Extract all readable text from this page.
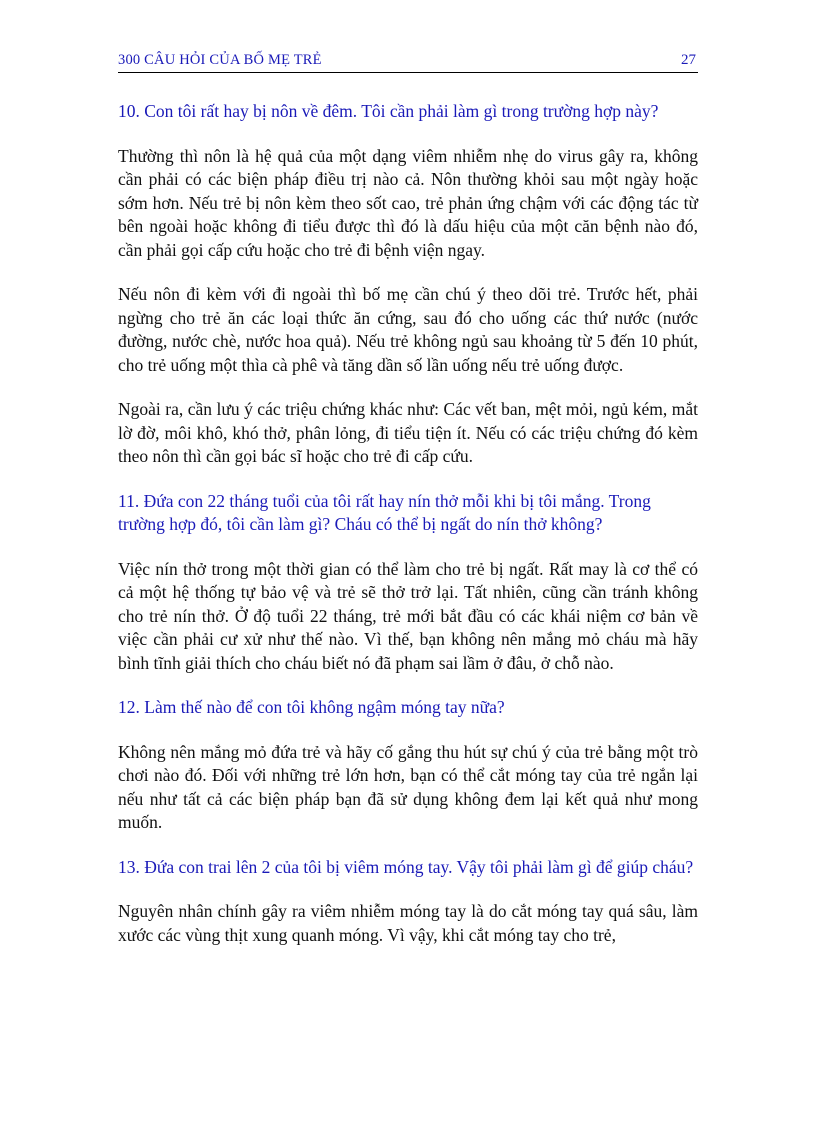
300 CÂU HỎI CỦA BỐ MẸ TRẺ	27

10. Con tôi rất hay bị nôn về đêm. Tôi cần phải làm gì trong trường hợp này?

Thường thì nôn là hệ quả của một dạng viêm nhiễm nhẹ do virus gây ra, không cần phải có các biện pháp điều trị nào cả. Nôn thường khỏi sau một ngày hoặc sớm hơn. Nếu trẻ bị nôn kèm theo sốt cao, trẻ phản ứng chậm với các động tác từ bên ngoài hoặc không đi tiểu được thì đó là dấu hiệu của một căn bệnh nào đó, cần phải gọi cấp cứu hoặc cho trẻ đi bệnh viện ngay.

Nếu nôn đi kèm với đi ngoài thì bố mẹ cần chú ý theo dõi trẻ. Trước hết, phải ngừng cho trẻ ăn các loại thức ăn cứng, sau đó cho uống các thứ nước (nước đường, nước chè, nước hoa quả). Nếu trẻ không ngủ sau khoảng từ 5 đến 10 phút, cho trẻ uống một thìa cà phê và tăng dần số lần uống nếu trẻ uống được.

Ngoài ra, cần lưu ý các triệu chứng khác như: Các vết ban, mệt mỏi, ngủ kém, mắt lờ đờ, môi khô, khó thở, phân lỏng, đi tiểu tiện ít. Nếu có các triệu chứng đó kèm theo nôn thì cần gọi bác sĩ hoặc cho trẻ đi cấp cứu.

11. Đứa con 22 tháng tuổi của tôi rất hay nín thở mỗi khi bị tôi mắng. Trong trường hợp đó, tôi cần làm gì? Cháu có thể bị ngất do nín thở không?

Việc nín thở trong một thời gian có thể làm cho trẻ bị ngất. Rất may là cơ thể có cả một hệ thống tự bảo vệ và trẻ sẽ thở trở lại. Tất nhiên, cũng cần tránh không cho trẻ nín thở. Ở độ tuổi 22 tháng, trẻ mới bắt đầu có các khái niệm cơ bản về việc cần phải cư xử như thế nào. Vì thế, bạn không nên mắng mỏ cháu mà hãy bình tĩnh giải thích cho cháu biết nó đã phạm sai lầm ở đâu, ở chỗ nào.

12. Làm thế nào để con tôi không ngậm móng tay nữa?

Không nên mắng mỏ đứa trẻ và hãy cố gắng thu hút sự chú ý của trẻ bằng một trò chơi nào đó. Đối với những trẻ lớn hơn, bạn có thể cắt móng tay của trẻ ngắn lại nếu như tất cả các biện pháp bạn đã sử dụng không đem lại kết quả như mong muốn.

13. Đứa con trai lên 2 của tôi bị viêm móng tay. Vậy tôi phải làm gì để giúp cháu?

Nguyên nhân chính gây ra viêm nhiễm móng tay là do cắt móng tay quá sâu, làm xước các vùng thịt xung quanh móng. Vì vậy, khi cắt móng tay cho trẻ,
